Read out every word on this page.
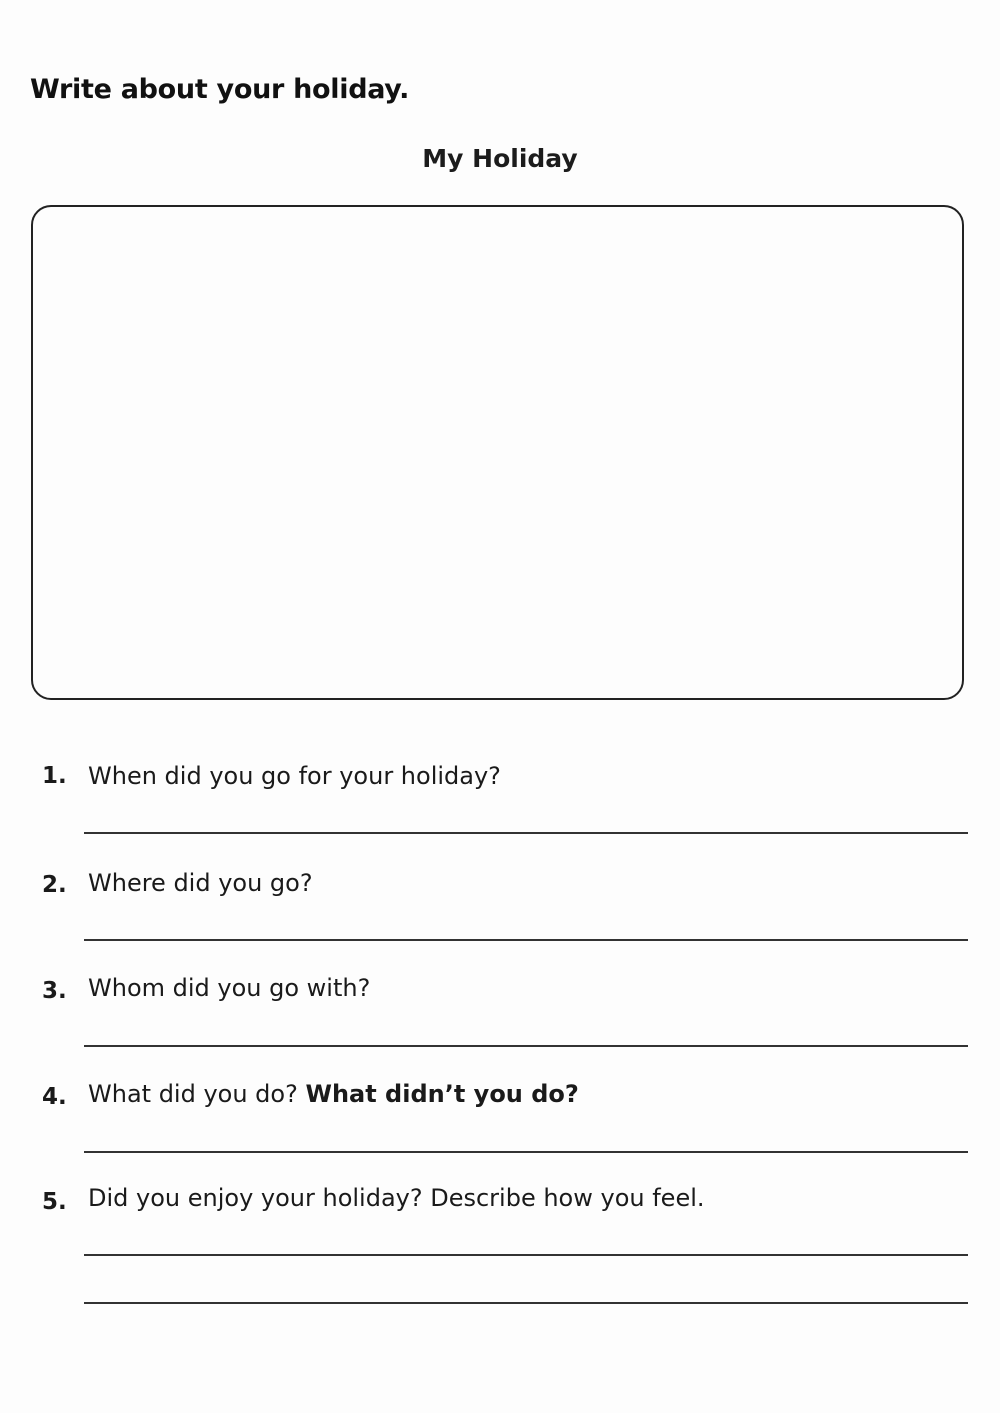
Write about your holiday.
My Holiday
1. When did you go for your holiday?
2. Where did you go?
3. Whom did you go with?
4. What did you do? What didn’t you do?
5. Did you enjoy your holiday? Describe how you feel.
